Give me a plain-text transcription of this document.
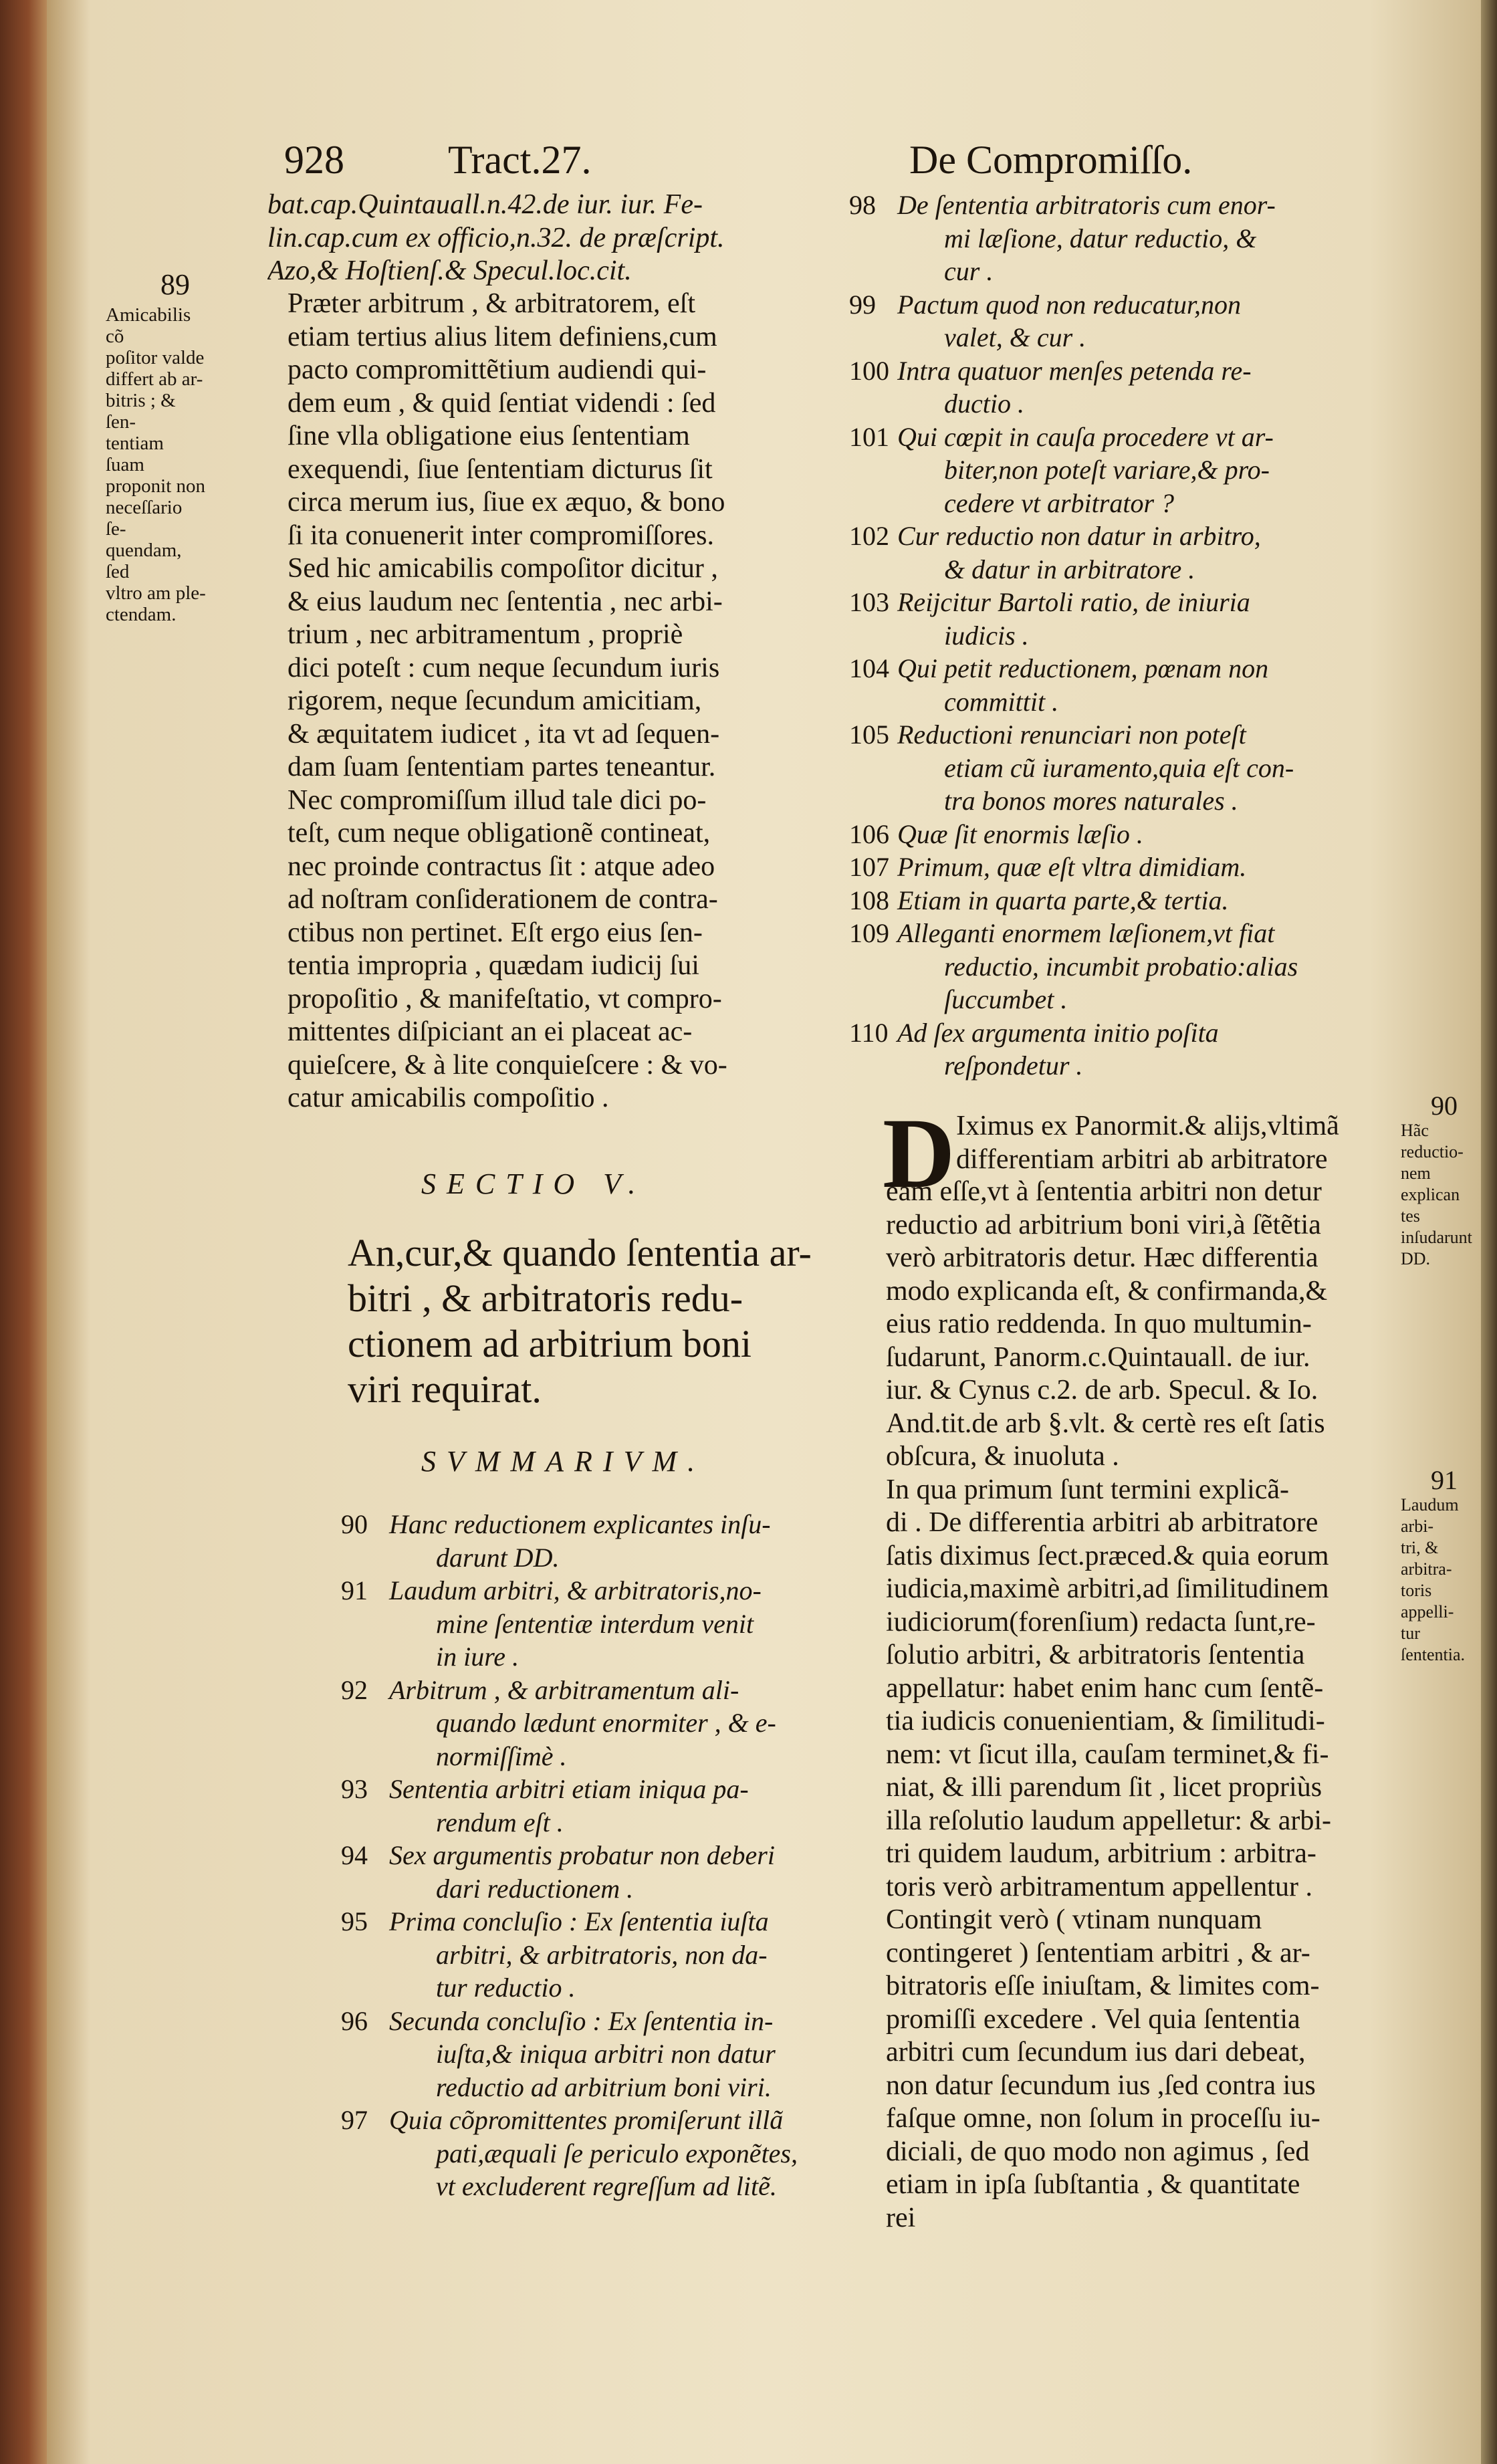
928	Tract.27.	De Compromiſſo.
89
Amicabilis cõ
poſitor valde
differt ab ar-
bitris ; & ſen-
tentiam ſuam
proponit non
neceſſario ſe-
quendam, ſed
vltro am ple-
ctendam.
bat.cap.Quintauall.n.42.de iur. iur. Fe-
lin.cap.cum ex officio,n.32. de præſcript.
Azo,& Hoſtienſ.& Specul.loc.cit.
Præter arbitrum , & arbitratorem, eſt
etiam tertius alius litem definiens,cum
pacto compromittẽtium audiendi qui-
dem eum , & quid ſentiat videndi : ſed
ſine vlla obligatione eius ſententiam
exequendi, ſiue ſententiam dicturus ſit
circa merum ius, ſiue ex æquo, & bono
ſi ita conuenerit inter compromiſſores.
Sed hic amicabilis compoſitor dicitur ,
& eius laudum nec ſententia , nec arbi-
trium , nec arbitramentum , propriè
dici poteſt : cum neque ſecundum iuris
rigorem, neque ſecundum amicitiam,
& æquitatem iudicet , ita vt ad ſequen-
dam ſuam ſententiam partes teneantur.
Nec compromiſſum illud tale dici po-
teſt, cum neque obligationẽ contineat,
nec proinde contractus ſit : atque adeo
ad noſtram conſiderationem de contra-
ctibus non pertinet. Eſt ergo eius ſen-
tentia impropria , quædam iudicij ſui
propoſitio , & manifeſtatio, vt compro-
mittentes diſpiciant an ei placeat ac-
quieſcere, & à lite conquieſcere : & vo-
catur amicabilis compoſitio .
SECTIO V.
An,cur,& quando ſententia ar-
bitri , & arbitratoris redu-
ctionem ad arbitrium boni
viri requirat.
SVMMARIVM.
90 Hanc reductionem explicantes inſu-
darunt DD.
91 Laudum arbitri, & arbitratoris,no-
mine ſententiæ interdum venit
in iure .
92 Arbitrum , & arbitramentum ali-
quando lædunt enormiter , & e-
normiſſimè .
93 Sententia arbitri etiam iniqua pa-
rendum eſt .
94 Sex argumentis probatur non deberi
dari reductionem .
95 Prima concluſio : Ex ſententia iuſta
arbitri, & arbitratoris, non da-
tur reductio .
96 Secunda concluſio : Ex ſententia in-
iuſta,& iniqua arbitri non datur
reductio ad arbitrium boni viri.
97 Quia cõpromittentes promiſerunt illã
pati,æquali ſe periculo exponẽtes,
vt excluderent regreſſum ad litẽ.
98 De ſententia arbitratoris cum enor-
mi læſione, datur reductio, &
cur .
99 Pactum quod non reducatur,non
valet, & cur .
100 Intra quatuor menſes petenda re-
ductio .
101 Qui cœpit in cauſa procedere vt ar-
biter,non poteſt variare,& pro-
cedere vt arbitrator ?
102 Cur reductio non datur in arbitro,
& datur in arbitratore .
103 Reijcitur Bartoli ratio, de iniuria
iudicis .
104 Qui petit reductionem, pœnam non
committit .
105 Reductioni renunciari non poteſt
etiam cũ iuramento,quia eſt con-
tra bonos mores naturales .
106 Quæ ſit enormis læſio .
107 Primum, quæ eſt vltra dimidiam.
108 Etiam in quarta parte,& tertia.
109 Alleganti enormem læſionem,vt fiat
reductio, incumbit probatio:alias
ſuccumbet .
110 Ad ſex argumenta initio poſita
reſpondetur .
D Iximus ex Panormit.& alijs,vltimã
differentiam arbitri ab arbitratore
eam eſſe,vt à ſententia arbitri non detur
reductio ad arbitrium boni viri,à ſẽtẽtia
verò arbitratoris detur. Hæc differentia
modo explicanda eſt, & confirmanda,&
eius ratio reddenda. In quo multumin-
ſudarunt, Panorm.c.Quintauall. de iur.
iur. & Cynus c.2. de arb. Specul. & Io.
And.tit.de arb §.vlt. & certè res eſt ſatis
obſcura, & inuoluta .
In qua primum ſunt termini explicã-
di . De differentia arbitri ab arbitratore
ſatis diximus ſect.præced.& quia eorum
iudicia,maximè arbitri,ad ſimilitudinem
iudiciorum(forenſium) redacta ſunt,re-
ſolutio arbitri, & arbitratoris ſententia
appellatur: habet enim hanc cum ſentẽ-
tia iudicis conuenientiam, & ſimilitudi-
nem: vt ſicut illa, cauſam terminet,& fi-
niat, & illi parendum ſit , licet propriùs
illa reſolutio laudum appelletur: & arbi-
tri quidem laudum, arbitrium : arbitra-
toris verò arbitramentum appellentur .
Contingit verò ( vtinam nunquam
contingeret ) ſententiam arbitri , & ar-
bitratoris eſſe iniuſtam, & limites com-
promiſſi excedere . Vel quia ſententia
arbitri cum ſecundum ius dari debeat,
non datur ſecundum ius ,ſed contra ius
faſque omne, non ſolum in proceſſu iu-
diciali, de quo modo non agimus , ſed
etiam in ipſa ſubſtantia , & quantitate
rei
90
Hãc reductio-
nem explican
tes inſudarunt
DD.
91
Laudum arbi-
tri, & arbitra-
toris appelli-
tur ſententia.
